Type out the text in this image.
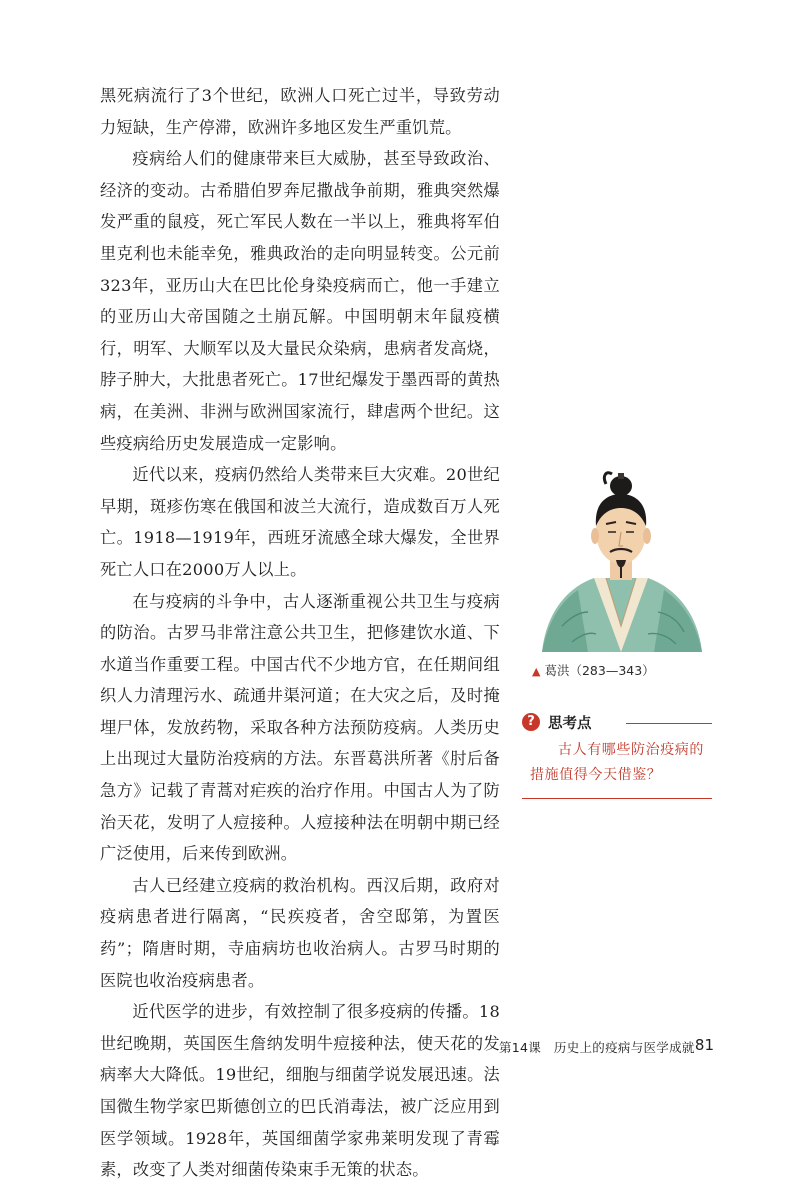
黑死病流行了3个世纪，欧洲人口死亡过半，导致劳动力短缺，生产停滞，欧洲许多地区发生严重饥荒。

疫病给人们的健康带来巨大威胁，甚至导致政治、经济的变动。古希腊伯罗奔尼撒战争前期，雅典突然爆发严重的鼠疫，死亡军民人数在一半以上，雅典将军伯里克利也未能幸免，雅典政治的走向明显转变。公元前323年，亚历山大在巴比伦身染疫病而亡，他一手建立的亚历山大帝国随之土崩瓦解。中国明朝末年鼠疫横行，明军、大顺军以及大量民众染病，患病者发高烧，脖子肿大，大批患者死亡。17世纪爆发于墨西哥的黄热病，在美洲、非洲与欧洲国家流行，肆虐两个世纪。这些疫病给历史发展造成一定影响。

近代以来，疫病仍然给人类带来巨大灾难。20世纪早期，斑疹伤寒在俄国和波兰大流行，造成数百万人死亡。1918—1919年，西班牙流感全球大爆发，全世界死亡人口在2000万人以上。

在与疫病的斗争中，古人逐渐重视公共卫生与疫病的防治。古罗马非常注意公共卫生，把修建饮水道、下水道当作重要工程。中国古代不少地方官，在任期间组织人力清理污水、疏通井渠河道；在大灾之后，及时掩埋尸体，发放药物，采取各种方法预防疫病。人类历史上出现过大量防治疫病的方法。东晋葛洪所著《肘后备急方》记载了青蒿对疟疾的治疗作用。中国古人为了防治天花，发明了人痘接种。人痘接种法在明朝中期已经广泛使用，后来传到欧洲。

古人已经建立疫病的救治机构。西汉后期，政府对疫病患者进行隔离，“民疾疫者，舍空邸第，为置医药”；隋唐时期，寺庙病坊也收治病人。古罗马时期的医院也收治疫病患者。

近代医学的进步，有效控制了很多疫病的传播。18世纪晚期，英国医生詹纳发明牛痘接种法，使天花的发病率大大降低。19世纪，细胞与细菌学说发展迅速。法国微生物学家巴斯德创立的巴氏消毒法，被广泛应用到医学领域。1928年，英国细菌学家弗莱明发现了青霉素，改变了人类对细菌传染束手无策的状态。

▲ 葛洪（283—343）
? 思考点
古人有哪些防治疫病的措施值得今天借鉴？
第14课　历史上的疫病与医学成就 81
